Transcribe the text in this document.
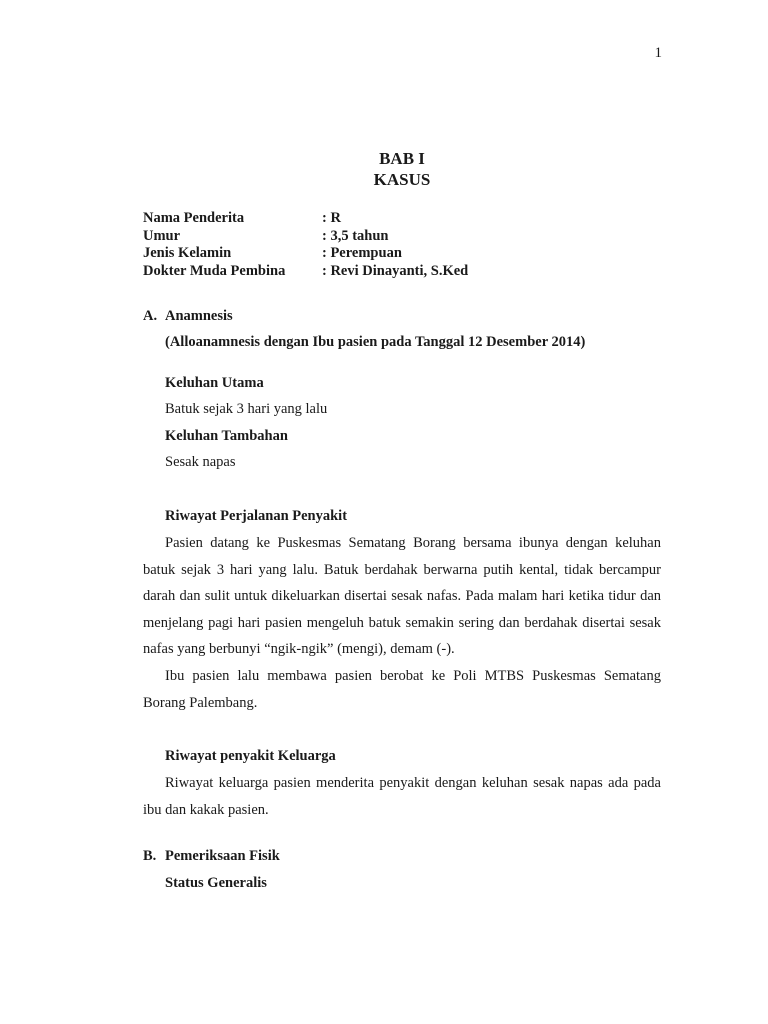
1
BAB I
KASUS
Nama Penderita	: R
Umur	: 3,5 tahun
Jenis Kelamin	: Perempuan
Dokter Muda Pembina	: Revi Dinayanti, S.Ked
A. Anamnesis
(Alloanamnesis dengan Ibu pasien pada Tanggal 12 Desember 2014)
Keluhan Utama
Batuk sejak 3 hari yang lalu
Keluhan Tambahan
Sesak napas
Riwayat Perjalanan Penyakit

Pasien datang ke Puskesmas Sematang Borang bersama ibunya dengan keluhan batuk sejak 3 hari yang lalu. Batuk berdahak berwarna putih kental, tidak bercampur darah dan sulit untuk dikeluarkan disertai sesak nafas. Pada malam hari ketika tidur dan menjelang pagi hari pasien mengeluh batuk semakin sering dan berdahak disertai sesak nafas yang berbunyi “ngik-ngik” (mengi), demam (-).

Ibu pasien lalu membawa pasien berobat ke Poli MTBS Puskesmas Sematang Borang Palembang.

Riwayat penyakit Keluarga

Riwayat keluarga pasien menderita penyakit dengan keluhan sesak napas ada pada ibu dan kakak pasien.

B. Pemeriksaan Fisik
Status Generalis
